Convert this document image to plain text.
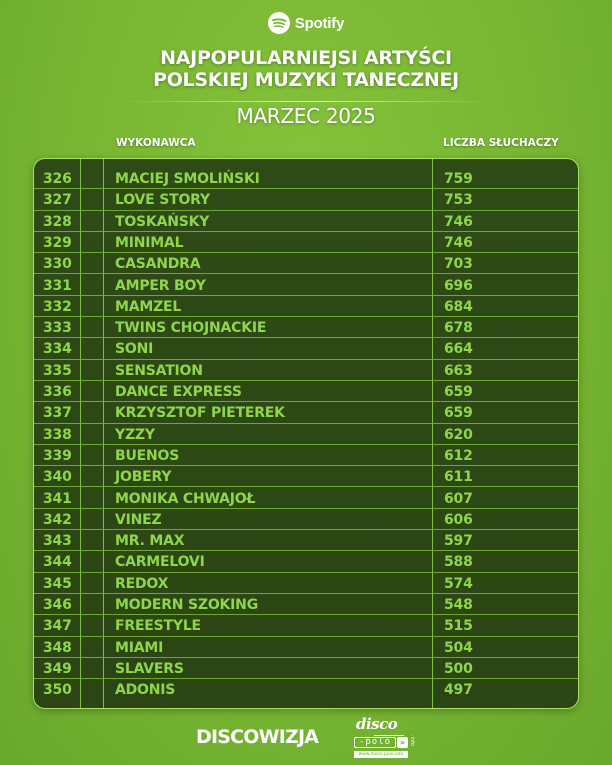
Spotify
NAJPOPULARNIEJSI ARTYŚCI
POLSKIEJ MUZYKI TANECZNEJ
MARZEC 2025
WYKONAWCA	LICZBA SŁUCHACZY
326	MACIEJ SMOLIŃSKI	759
327	LOVE STORY	753
328	TOSKAŃSKY	746
329	MINIMAL	746
330	CASANDRA	703
331	AMPER BOY	696
332	MAMZEL	684
333	TWINS CHOJNACKIE	678
334	SONI	664
335	SENSATION	663
336	DANCE EXPRESS	659
337	KRZYSZTOF PIETEREK	659
338	YZZY	620
339	BUENOS	612
340	JOBERY	611
341	MONIKA CHWAJOŁ	607
342	VINEZ	606
343	MR. MAX	597
344	CARMELOVI	588
345	REDOX	574
346	MODERN SZOKING	548
347	FREESTYLE	515
348	MIAMI	504
349	SLAVERS	500
350	ADONIS	497
DISCOWIZJA
disco
-polo	» .info
www.disco-polo.info
